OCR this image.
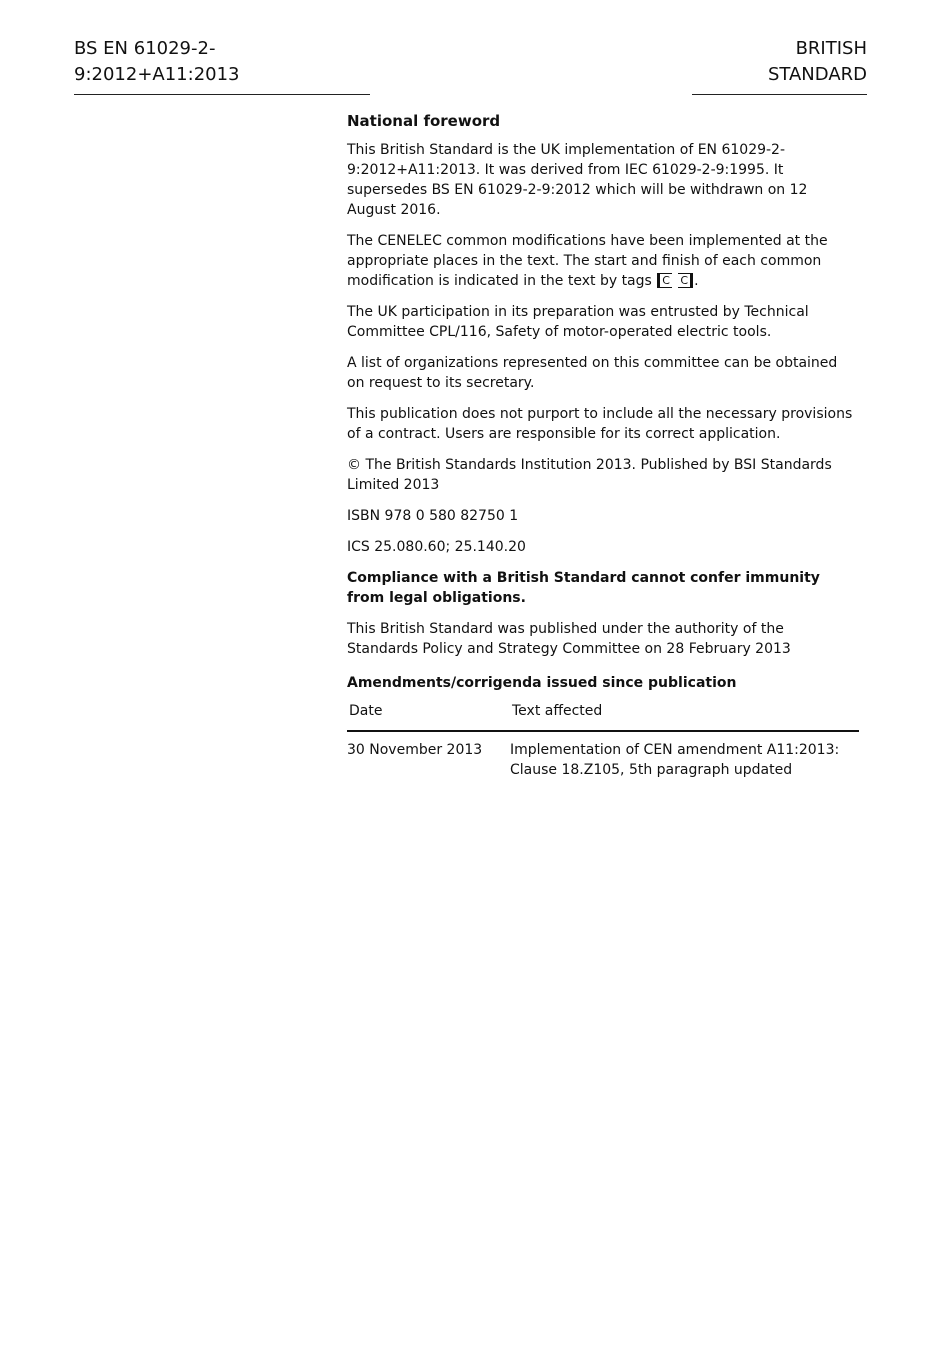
BS EN 61029-2-9:2012+A11:2013
BRITISH STANDARD
National foreword

This British Standard is the UK implementation of EN 61029-2-9:2012+A11:2013. It was derived from IEC 61029-2-9:1995. It supersedes BS EN 61029-2-9:2012 which will be withdrawn on 12 August 2016.

The CENELEC common modifications have been implemented at the appropriate places in the text. The start and finish of each common modification is indicated in the text by tags C C .

The UK participation in its preparation was entrusted by Technical Committee CPL/116, Safety of motor-operated electric tools.

A list of organizations represented on this committee can be obtained on request to its secretary.

This publication does not purport to include all the necessary provisions of a contract. Users are responsible for its correct application.

© The British Standards Institution 2013. Published by BSI Standards Limited 2013

ISBN 978 0 580 82750 1

ICS 25.080.60; 25.140.20

Compliance with a British Standard cannot confer immunity from legal obligations.

This British Standard was published under the authority of the Standards Policy and Strategy Committee on 28 February 2013

Amendments/corrigenda issued since publication
Date	Text affected
30 November 2013	Implementation of CEN amendment A11:2013: Clause 18.Z105, 5th paragraph updated
